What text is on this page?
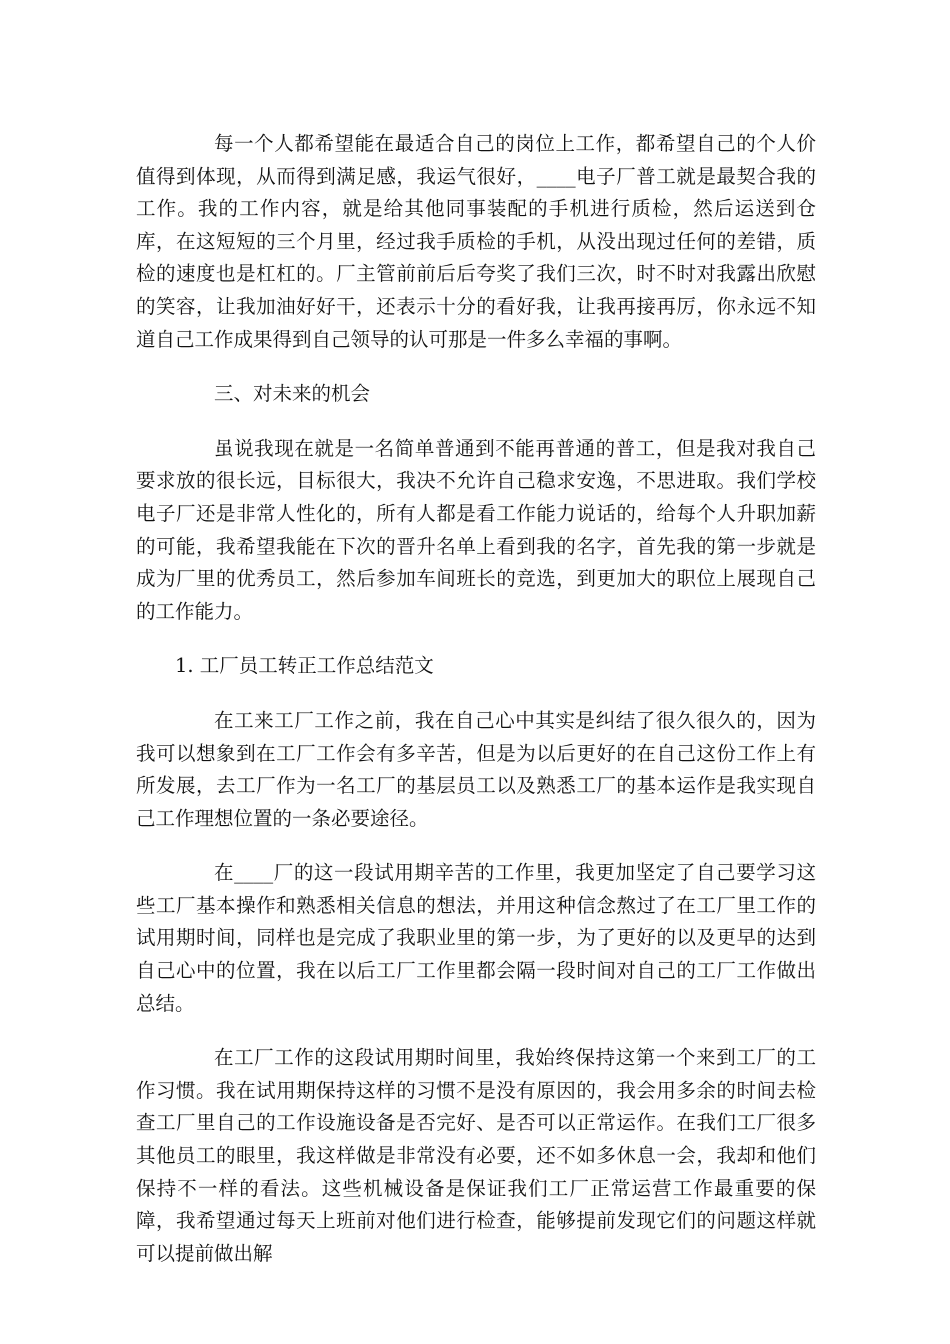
每一个人都希望能在最适合自己的岗位上工作，都希望自己的个人价值得到体现，从而得到满足感，我运气很好，____电子厂普工就是最契合我的工作。我的工作内容，就是给其他同事装配的手机进行质检，然后运送到仓库，在这短短的三个月里，经过我手质检的手机，从没出现过任何的差错，质检的速度也是杠杠的。厂主管前前后后夸奖了我们三次，时不时对我露出欣慰的笑容，让我加油好好干，还表示十分的看好我，让我再接再厉，你永远不知道自己工作成果得到自己领导的认可那是一件多么幸福的事啊。

三、对未来的机会

虽说我现在就是一名简单普通到不能再普通的普工，但是我对我自己要求放的很长远，目标很大，我决不允许自己稳求安逸，不思进取。我们学校电子厂还是非常人性化的，所有人都是看工作能力说话的，给每个人升职加薪的可能，我希望我能在下次的晋升名单上看到我的名字，首先我的第一步就是成为厂里的优秀员工，然后参加车间班长的竞选，到更加大的职位上展现自己的工作能力。

1. 工厂员工转正工作总结范文

在工来工厂工作之前，我在自己心中其实是纠结了很久很久的，因为我可以想象到在工厂工作会有多辛苦，但是为以后更好的在自己这份工作上有所发展，去工厂作为一名工厂的基层员工以及熟悉工厂的基本运作是我实现自己工作理想位置的一条必要途径。

在____厂的这一段试用期辛苦的工作里，我更加坚定了自己要学习这些工厂基本操作和熟悉相关信息的想法，并用这种信念熬过了在工厂里工作的试用期时间，同样也是完成了我职业里的第一步，为了更好的以及更早的达到自己心中的位置，我在以后工厂工作里都会隔一段时间对自己的工厂工作做出总结。

在工厂工作的这段试用期时间里，我始终保持这第一个来到工厂的工作习惯。我在试用期保持这样的习惯不是没有原因的，我会用多余的时间去检查工厂里自己的工作设施设备是否完好、是否可以正常运作。在我们工厂很多其他员工的眼里，我这样做是非常没有必要，还不如多休息一会，我却和他们保持不一样的看法。这些机械设备是保证我们工厂正常运营工作最重要的保障，我希望通过每天上班前对他们进行检查，能够提前发现它们的问题这样就可以提前做出解
